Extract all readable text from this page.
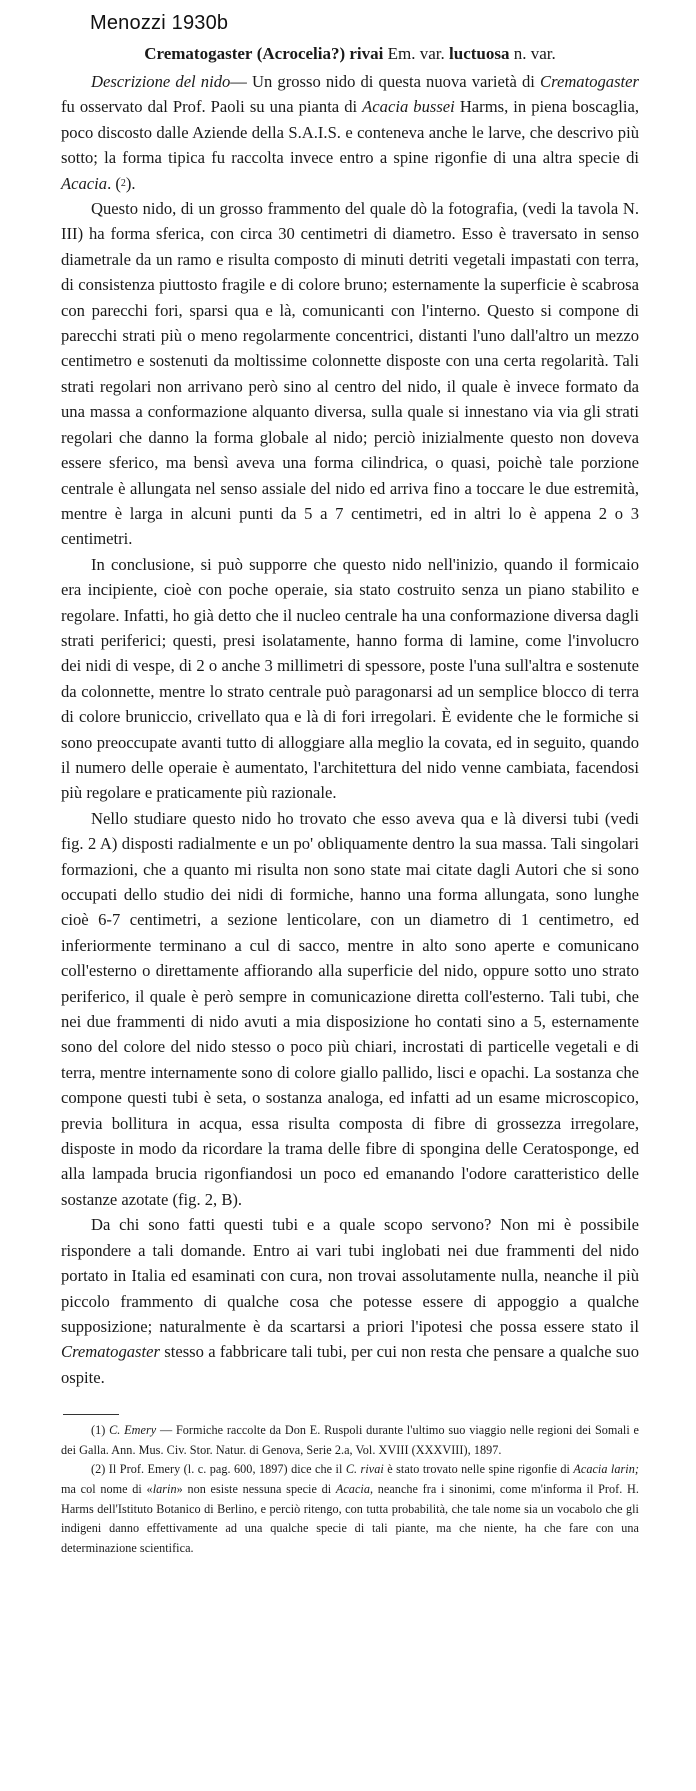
Menozzi 1930b
Crematogaster (Acrocelia?) rivai Em. var. luctuosa n. var.

Descrizione del nido— Un grosso nido di questa nuova varietà di Crematogaster fu osservato dal Prof. Paoli su una pianta di Acacia bussei Harms, in piena boscaglia, poco discosto dalle Aziende della S.A.I.S. e conteneva anche le larve, che descrivo più sotto; la forma tipica fu raccolta invece entro a spine rigonfie di una altra specie di Acacia. ($^2$).

Questo nido, di un grosso frammento del quale dò la fotografia, (vedi la tavola N. III) ha forma sferica, con circa 30 centimetri di diametro. Esso è traversato in senso diametrale da un ramo e risulta composto di minuti detriti vegetali impastati con terra, di consistenza piuttosto fragile e di colore bruno; esternamente la superficie è scabrosa con parecchi fori, sparsi qua e là, comunicanti con l'interno. Questo si compone di parecchi strati più o meno regolarmente concentrici, distanti l'uno dall'altro un mezzo centimetro e sostenuti da moltissime colonnette disposte con una certa regolarità. Tali strati regolari non arrivano però sino al centro del nido, il quale è invece formato da una massa a conformazione alquanto diversa, sulla quale si innestano via via gli strati regolari che danno la forma globale al nido; perciò inizialmente questo non doveva essere sferico, ma bensì aveva una forma cilindrica, o quasi, poichè tale porzione centrale è allungata nel senso assiale del nido ed arriva fino a toccare le due estremità, mentre è larga in alcuni punti da 5 a 7 centimetri, ed in altri lo è appena 2 o 3 centimetri.

In conclusione, si può supporre che questo nido nell'inizio, quando il formicaio era incipiente, cioè con poche operaie, sia stato costruito senza un piano stabilito e regolare. Infatti, ho già detto che il nucleo centrale ha una conformazione diversa dagli strati periferici; questi, presi isolatamente, hanno forma di lamine, come l'involucro dei nidi di vespe, di 2 o anche 3 millimetri di spessore, poste l'una sull'altra e sostenute da colonnette, mentre lo strato centrale può paragonarsi ad un semplice blocco di terra di colore bruniccio, crivellato qua e là di fori irregolari. È evidente che le formiche si sono preoccupate avanti tutto di alloggiare alla meglio la covata, ed in seguito, quando il numero delle operaie è aumentato, l'architettura del nido venne cambiata, facendosi più regolare e praticamente più razionale.

Nello studiare questo nido ho trovato che esso aveva qua e là diversi tubi (vedi fig. 2 A) disposti radialmente e un po' obliquamente dentro la sua massa. Tali singolari formazioni, che a quanto mi risulta non sono state mai citate dagli Autori che si sono occupati dello studio dei nidi di formiche, hanno una forma allungata, sono lunghe cioè 6-7 centimetri, a sezione lenticolare, con un diametro di 1 centimetro, ed inferiormente terminano a cul di sacco, mentre in alto sono aperte e comunicano coll'esterno o direttamente affiorando alla superficie del nido, oppure sotto uno strato periferico, il quale è però sempre in comunicazione diretta coll'esterno. Tali tubi, che nei due frammenti di nido avuti a mia disposizione ho contati sino a 5, esternamente sono del colore del nido stesso o poco più chiari, incrostati di particelle vegetali e di terra, mentre internamente sono di colore giallo pallido, lisci e opachi. La sostanza che compone questi tubi è seta, o sostanza analoga, ed infatti ad un esame microscopico, previa bollitura in acqua, essa risulta composta di fibre di grossezza irregolare, disposte in modo da ricordare la trama delle fibre di spongina delle Ceratosponge, ed alla lampada brucia rigonfiandosi un poco ed emanando l'odore caratteristico delle sostanze azotate (fig. 2, B).

Da chi sono fatti questi tubi e a quale scopo servono? Non mi è possibile rispondere a tali domande. Entro ai vari tubi inglobati nei due frammenti del nido portato in Italia ed esaminati con cura, non trovai assolutamente nulla, neanche il più piccolo frammento di qualche cosa che potesse essere di appoggio a qualche supposizione; naturalmente è da scartarsi a priori l'ipotesi che possa essere stato il Crematogaster stesso a fabbricare tali tubi, per cui non resta che pensare a qualche suo ospite.

(1) C. Emery — Formiche raccolte da Don E. Ruspoli durante l'ultimo suo viaggio nelle regioni dei Somali e dei Galla. Ann. Mus. Civ. Stor. Natur. di Genova, Serie 2.a, Vol. XVIII (XXXVIII), 1897.

(2) Il Prof. Emery (l. c. pag. 600, 1897) dice che il C. rivai è stato trovato nelle spine rigonfie di Acacia larin; ma col nome di «larin» non esiste nessuna specie di Acacia, neanche fra i sinonimi, come m'informa il Prof. H. Harms dell'Istituto Botanico di Berlino, e perciò ritengo, con tutta probabilità, che tale nome sia un vocabolo che gli indigeni danno effettivamente ad una qualche specie di tali piante, ma che niente, ha che fare con una determinazione scientifica.
